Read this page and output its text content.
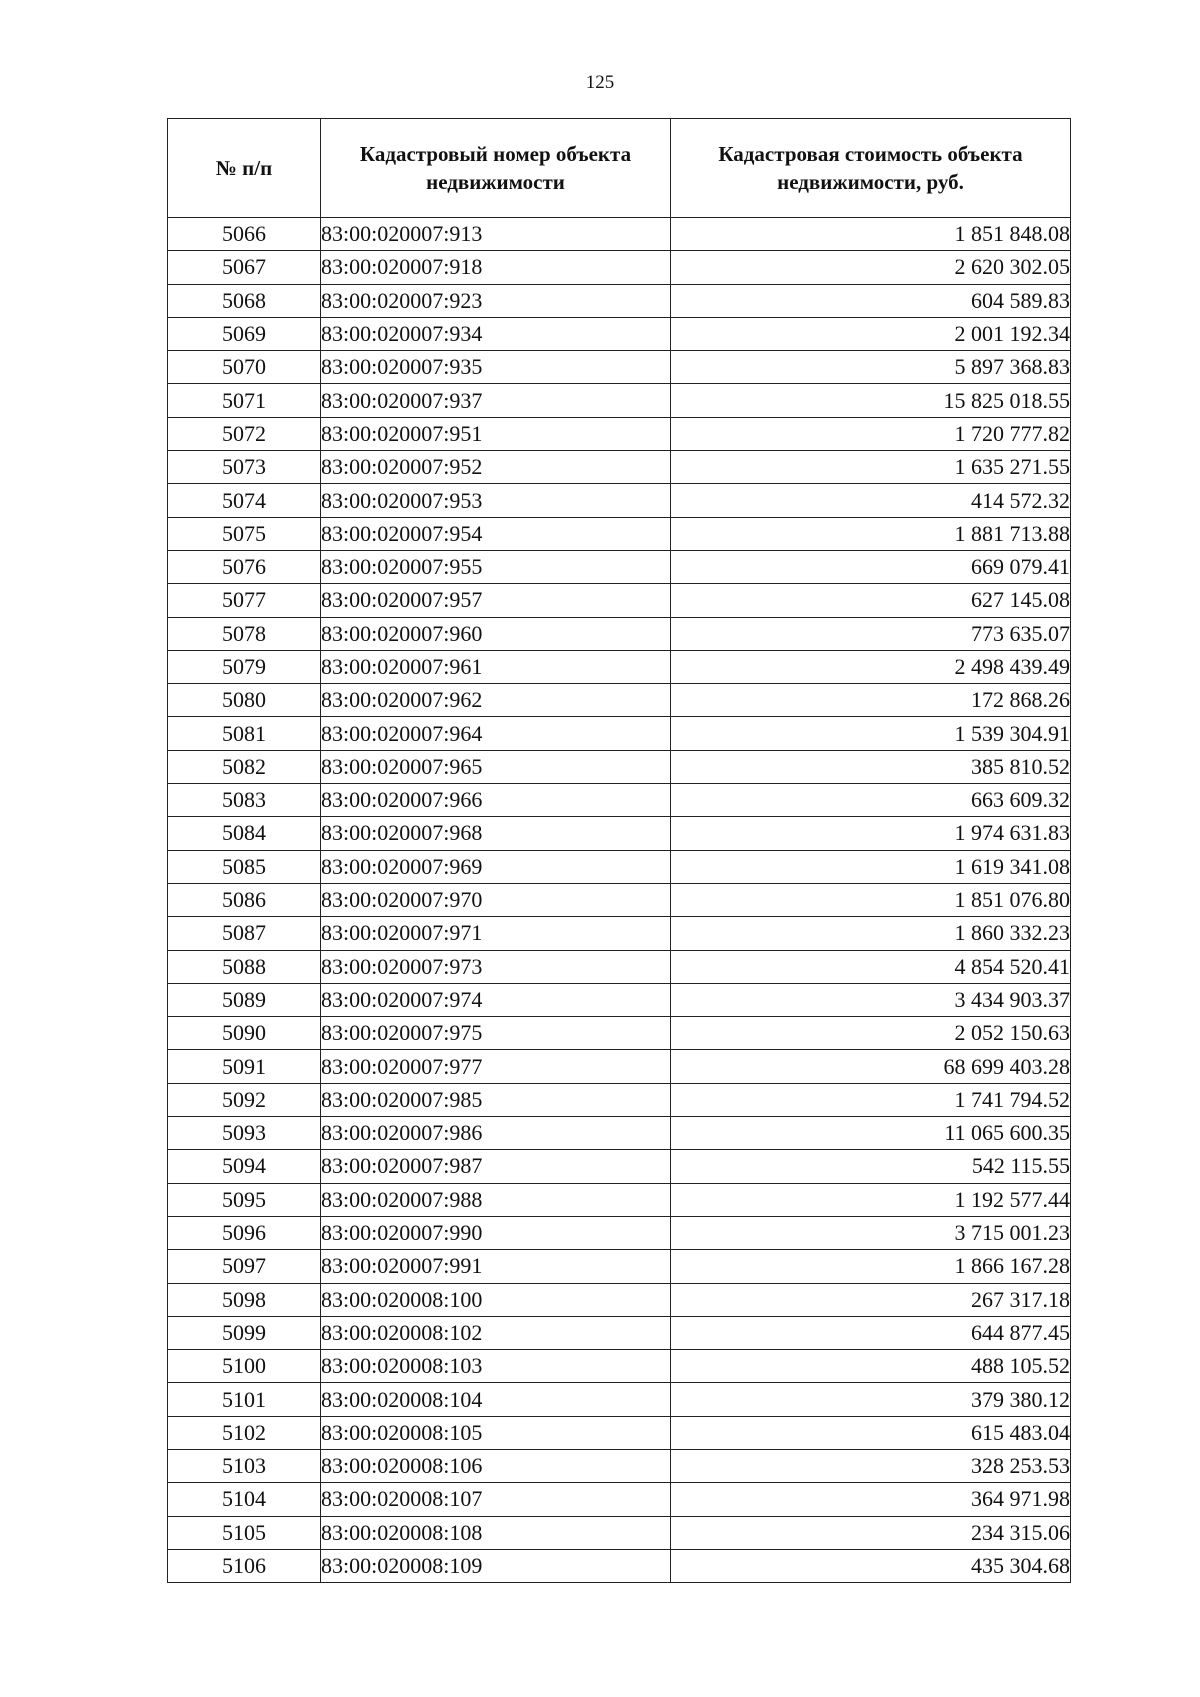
125
№ п/п	Кадастровый номер объекта недвижимости	Кадастровая стоимость объекта недвижимости, руб.
5066	83:00:020007:913	1 851 848.08
5067	83:00:020007:918	2 620 302.05
5068	83:00:020007:923	604 589.83
5069	83:00:020007:934	2 001 192.34
5070	83:00:020007:935	5 897 368.83
5071	83:00:020007:937	15 825 018.55
5072	83:00:020007:951	1 720 777.82
5073	83:00:020007:952	1 635 271.55
5074	83:00:020007:953	414 572.32
5075	83:00:020007:954	1 881 713.88
5076	83:00:020007:955	669 079.41
5077	83:00:020007:957	627 145.08
5078	83:00:020007:960	773 635.07
5079	83:00:020007:961	2 498 439.49
5080	83:00:020007:962	172 868.26
5081	83:00:020007:964	1 539 304.91
5082	83:00:020007:965	385 810.52
5083	83:00:020007:966	663 609.32
5084	83:00:020007:968	1 974 631.83
5085	83:00:020007:969	1 619 341.08
5086	83:00:020007:970	1 851 076.80
5087	83:00:020007:971	1 860 332.23
5088	83:00:020007:973	4 854 520.41
5089	83:00:020007:974	3 434 903.37
5090	83:00:020007:975	2 052 150.63
5091	83:00:020007:977	68 699 403.28
5092	83:00:020007:985	1 741 794.52
5093	83:00:020007:986	11 065 600.35
5094	83:00:020007:987	542 115.55
5095	83:00:020007:988	1 192 577.44
5096	83:00:020007:990	3 715 001.23
5097	83:00:020007:991	1 866 167.28
5098	83:00:020008:100	267 317.18
5099	83:00:020008:102	644 877.45
5100	83:00:020008:103	488 105.52
5101	83:00:020008:104	379 380.12
5102	83:00:020008:105	615 483.04
5103	83:00:020008:106	328 253.53
5104	83:00:020008:107	364 971.98
5105	83:00:020008:108	234 315.06
5106	83:00:020008:109	435 304.68
